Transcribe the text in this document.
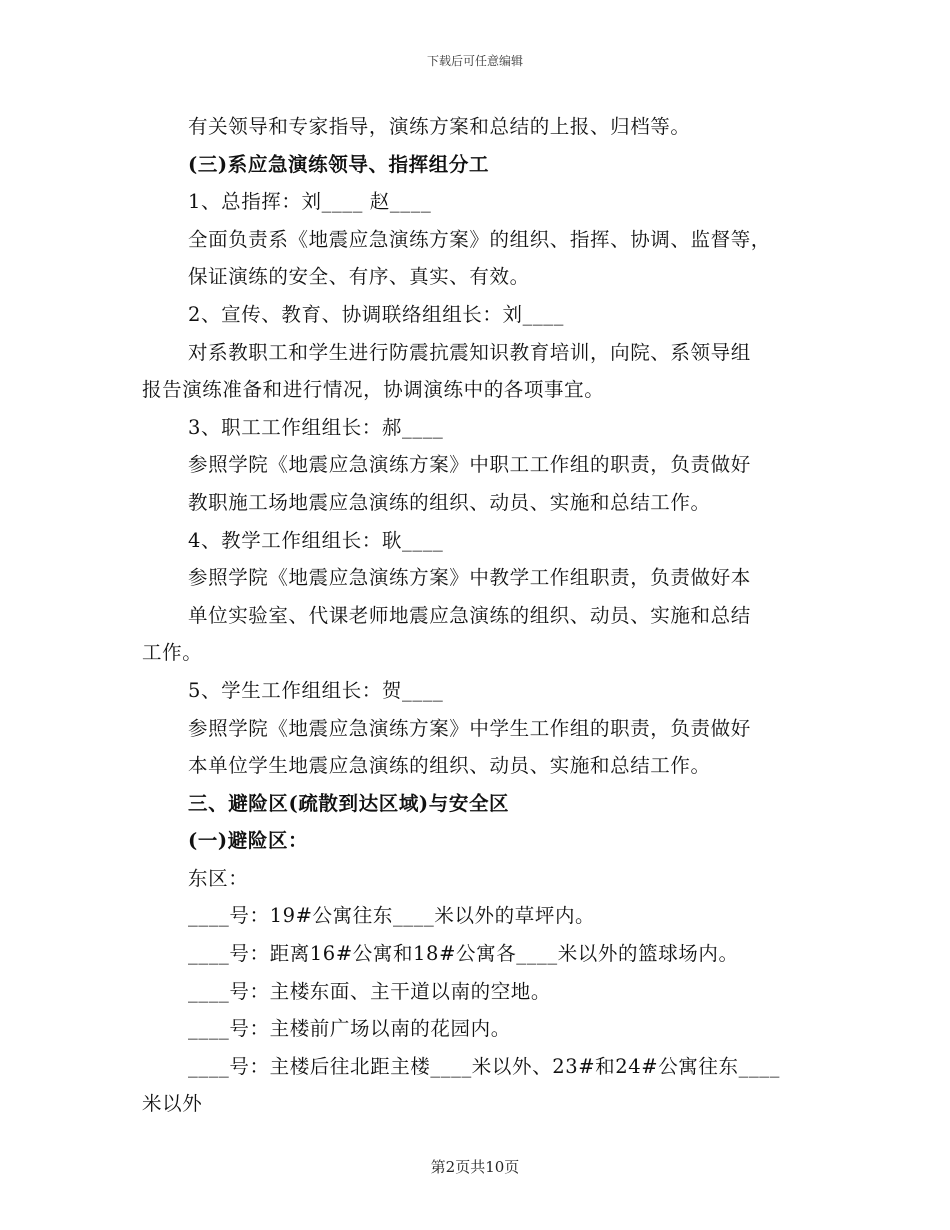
下载后可任意编辑
有关领导和专家指导，演练方案和总结的上报、归档等。
(三)系应急演练领导、指挥组分工
1、总指挥：刘____ 赵____
全面负责系《地震应急演练方案》的组织、指挥、协调、监督等，
保证演练的安全、有序、真实、有效。
2、宣传、教育、协调联络组组长：刘____
对系教职工和学生进行防震抗震知识教育培训，向院、系领导组
报告演练准备和进行情况，协调演练中的各项事宜。
3、职工工作组组长：郝____
参照学院《地震应急演练方案》中职工工作组的职责，负责做好
教职施工场地震应急演练的组织、动员、实施和总结工作。
4、教学工作组组长：耿____
参照学院《地震应急演练方案》中教学工作组职责，负责做好本
单位实验室、代课老师地震应急演练的组织、动员、实施和总结
工作。
5、学生工作组组长：贺____
参照学院《地震应急演练方案》中学生工作组的职责，负责做好
本单位学生地震应急演练的组织、动员、实施和总结工作。
三、避险区(疏散到达区域)与安全区
(一)避险区：
东区：
____号：19#公寓往东____米以外的草坪内。
____号：距离16#公寓和18#公寓各____米以外的篮球场内。
____号：主楼东面、主干道以南的空地。
____号：主楼前广场以南的花园内。
____号：主楼后往北距主楼____米以外、23#和24#公寓往东____
米以外
第2页共10页
